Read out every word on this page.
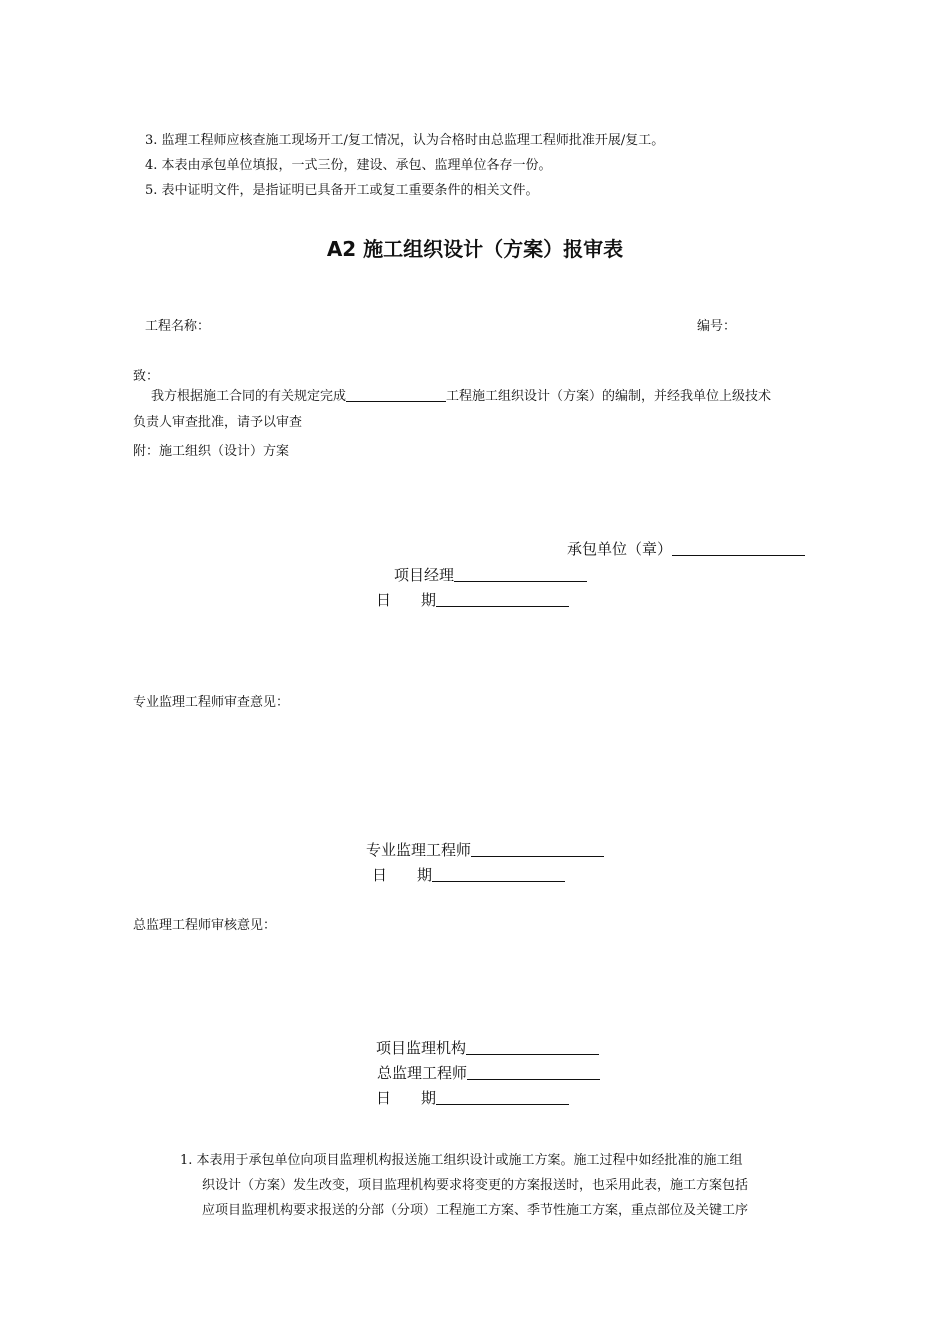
3. 监理工程师应核查施工现场开工/复工情况，认为合格时由总监理工程师批准开展/复工。
4. 本表由承包单位填报，一式三份，建设、承包、监理单位各存一份。
5. 表中证明文件，是指证明已具备开工或复工重要条件的相关文件。
A2 施工组织设计（方案）报审表
工程名称：	编号：
致：
我方根据施工合同的有关规定完成	工程施工组织设计（方案）的编制，并经我单位上级技术
负责人审查批准，请予以审查
附：施工组织（设计）方案
承包单位（章）
项目经理
日 期
专业监理工程师审查意见：
专业监理工程师
日 期
总监理工程师审核意见：
项目监理机构
总监理工程师
日 期
1. 本表用于承包单位向项目监理机构报送施工组织设计或施工方案。施工过程中如经批准的施工组
织设计（方案）发生改变，项目监理机构要求将变更的方案报送时，也采用此表，施工方案包括
应项目监理机构要求报送的分部（分项）工程施工方案、季节性施工方案，重点部位及关键工序
